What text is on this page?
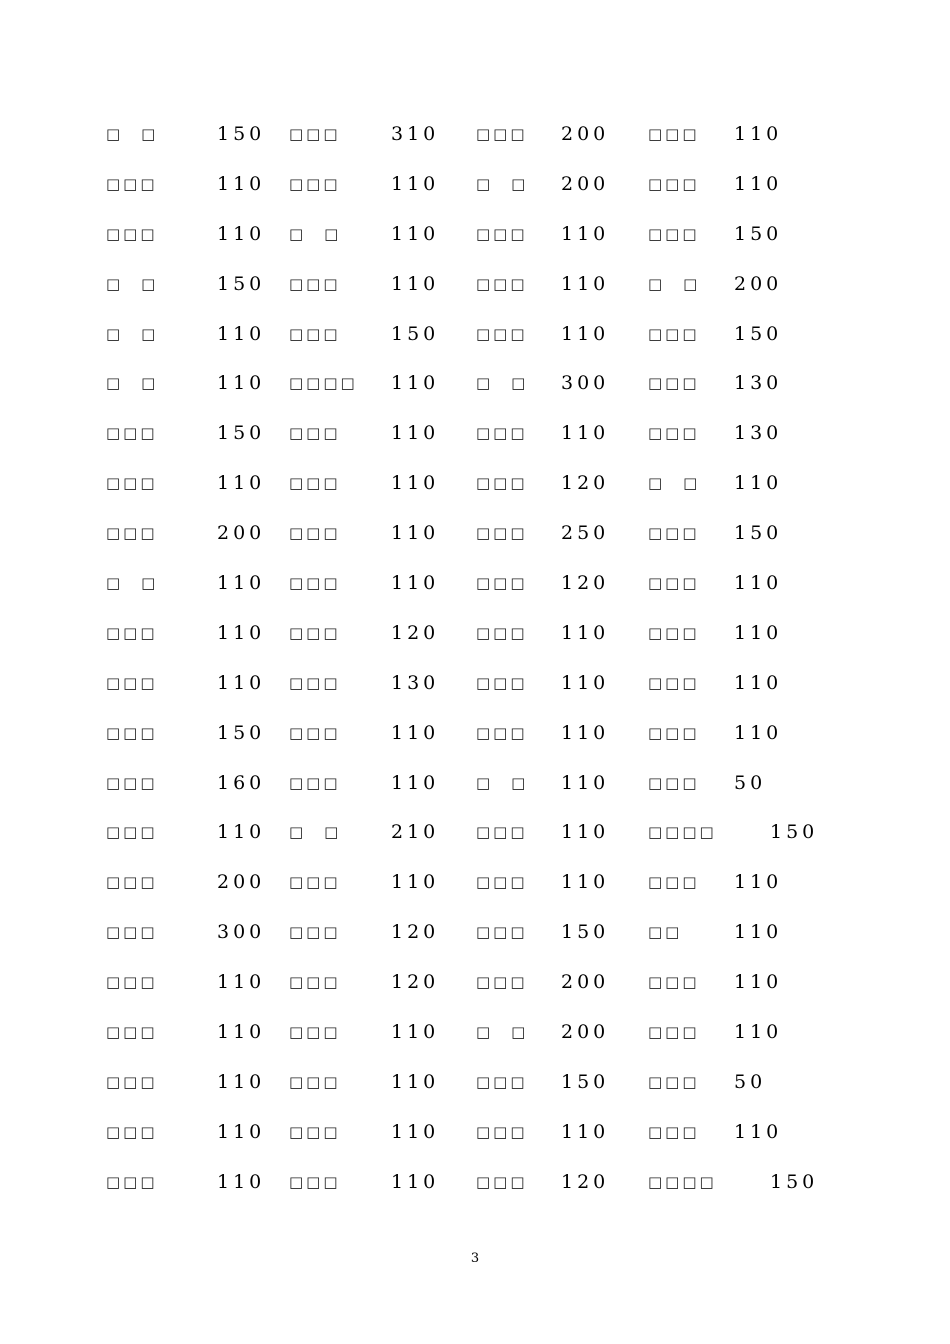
□　□	150 □□□	310 □□□ 200	□□□ 110
□□□	110 □□□	110 □　□ 200	□□□ 110
□□□	110 □　□	110 □□□ 110	□□□ 150
□　□	150 □□□	110 □□□ 110	□　□ 200
□　□	110 □□□	150 □□□ 110	□□□ 150
□　□	110 □□□□ 110 □　□ 300	□□□ 130
□□□	150 □□□	110 □□□ 110	□□□ 130
□□□	110 □□□	110 □□□ 120	□　□ 110
□□□	200 □□□	110 □□□ 250	□□□ 150
□　□	110 □□□	110 □□□ 120	□□□ 110
□□□	110 □□□	120 □□□ 110	□□□ 110
□□□	110 □□□	130 □□□ 110	□□□ 110
□□□	150 □□□	110 □□□ 110	□□□ 110
□□□	160 □□□	110 □　□ 110	□□□ 50
□□□	110 □　□	210 □□□ 110	□□□□	150
□□□	200 □□□	110 □□□ 110	□□□ 110
□□□	300 □□□	120 □□□ 150	□□	110
□□□	110 □□□	120 □□□ 200	□□□ 110
□□□	110 □□□	110 □　□ 200	□□□ 110
□□□	110 □□□	110 □□□ 150	□□□ 50
□□□	110 □□□	110 □□□ 110	□□□ 110
□□□	110 □□□	110 □□□ 120	□□□□	150
3
